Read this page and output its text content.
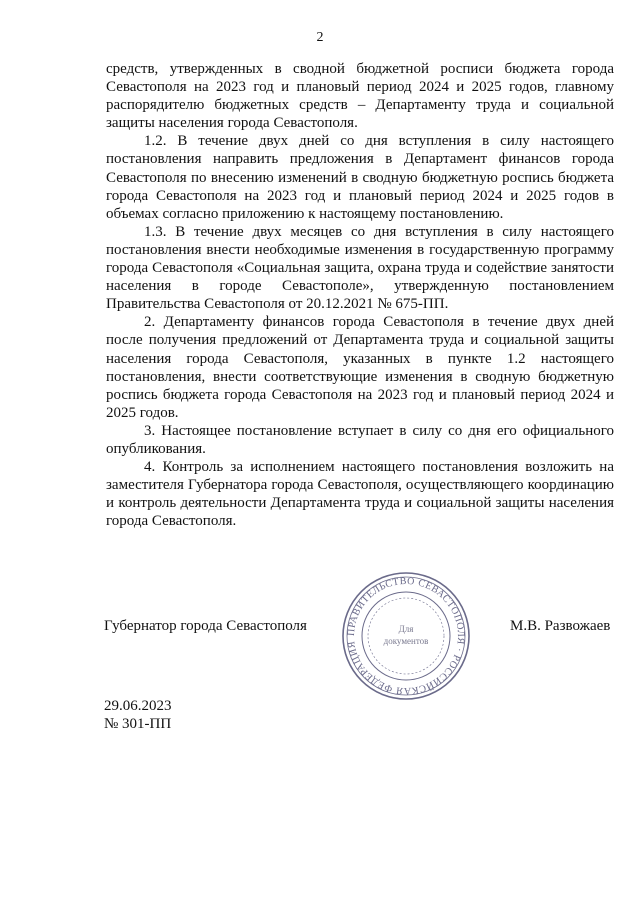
2

средств, утвержденных в сводной бюджетной росписи бюджета города Севастополя на 2023 год и плановый период 2024 и 2025 годов, главному распорядителю бюджетных средств – Департаменту труда и социальной защиты населения города Севастополя.

1.2. В течение двух дней со дня вступления в силу настоящего постановления направить предложения в Департамент финансов города Севастополя по внесению изменений в сводную бюджетную роспись бюджета города Севастополя на 2023 год и плановый период 2024 и 2025 годов в объемах согласно приложению к настоящему постановлению.

1.3. В течение двух месяцев со дня вступления в силу настоящего постановления внести необходимые изменения в государственную программу города Севастополя «Социальная защита, охрана труда и содействие занятости населения в городе Севастополе», утвержденную постановлением Правительства Севастополя от 20.12.2021 № 675-ПП.

2. Департаменту финансов города Севастополя в течение двух дней после получения предложений от Департамента труда и социальной защиты населения города Севастополя, указанных в пункте 1.2 настоящего постановления, внести соответствующие изменения в сводную бюджетную роспись бюджета города Севастополя на 2023 год и плановый период 2024 и 2025 годов.

3. Настоящее постановление вступает в силу со дня его официального опубликования.

4. Контроль за исполнением настоящего постановления возложить на заместителя Губернатора города Севастополя, осуществляющего координацию и контроль деятельности Департамента труда и социальной защиты населения города Севастополя.

Губернатор города Севастополя	ПРАВИТЕЛЬСТВО СЕВАСТОПОЛЯ · РОССИЙСКАЯ ФЕДЕРАЦИЯ
Для
документов
М.В. Развожаев
29.06.2023
№ 301-ПП
